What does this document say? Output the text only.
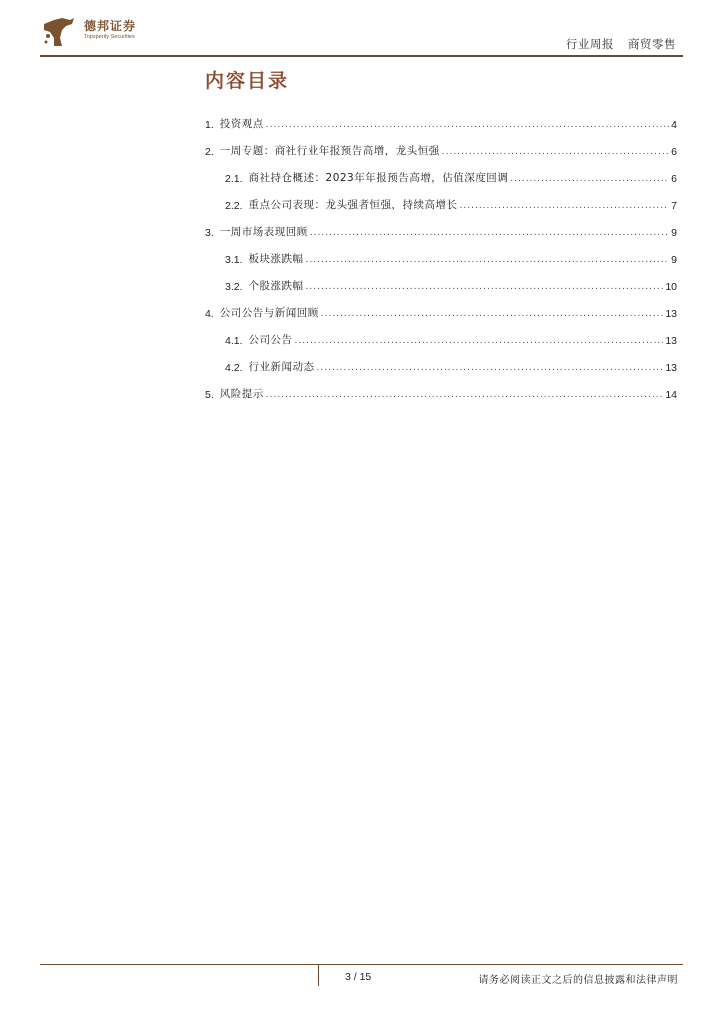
德邦证券
Topsperity Securities	行业周报 商贸零售
内容目录
1. 投资观点 .....	4
2. 一周专题：商社行业年报预告高增，龙头恒强 .....	6
2.1. 商社持仓概述：2023年年报预告高增，估值深度回调 .....	6
2.2. 重点公司表现：龙头强者恒强，持续高增长 .....	7
3. 一周市场表现回顾 .....	9
3.1. 板块涨跌幅 .....	9
3.2. 个股涨跌幅 .....	10
4. 公司公告与新闻回顾 .....	13
4.1. 公司公告 .....	13
4.2. 行业新闻动态 .....	13
5. 风险提示 .....	14
3 / 15	请务必阅读正文之后的信息披露和法律声明
